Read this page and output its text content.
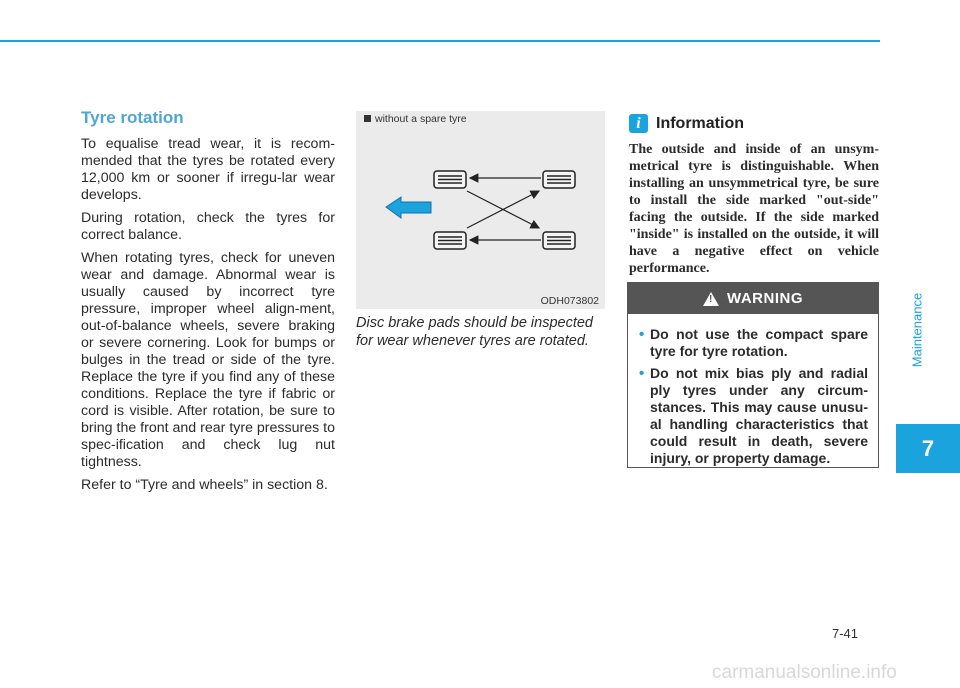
Tyre rotation

To equalise tread wear, it is recom-mended that the tyres be rotated every 12,000 km or sooner if irregu-lar wear develops.

During rotation, check the tyres for correct balance.

When rotating tyres, check for uneven wear and damage. Abnormal wear is usually caused by incorrect tyre pressure, improper wheel align-ment, out-of-balance wheels, severe braking or severe cornering. Look for bumps or bulges in the tread or side of the tyre. Replace the tyre if you find any of these conditions. Replace the tyre if fabric or cord is visible. After rotation, be sure to bring the front and rear tyre pressures to spec-ification and check lug nut tightness.

Refer to “Tyre and wheels” in section 8.

without a spare tyre
ODH073802
Disc brake pads should be inspected for wear whenever tyres are rotated.
i Information
The outside and inside of an unsym-metrical tyre is distinguishable. When installing an unsymmetrical tyre, be sure to install the side marked "out-side" facing the outside. If the side marked "inside" is installed on the outside, it will have a negative effect on vehicle performance.
!
WARNING
• Do not use the compact spare tyre for tyre rotation.
• Do not mix bias ply and radial ply tyres under any circum-stances. This may cause unusu-al handling characteristics that could result in death, severe injury, or property damage.
Maintenance
7
7-41
carmanualsonline.info
